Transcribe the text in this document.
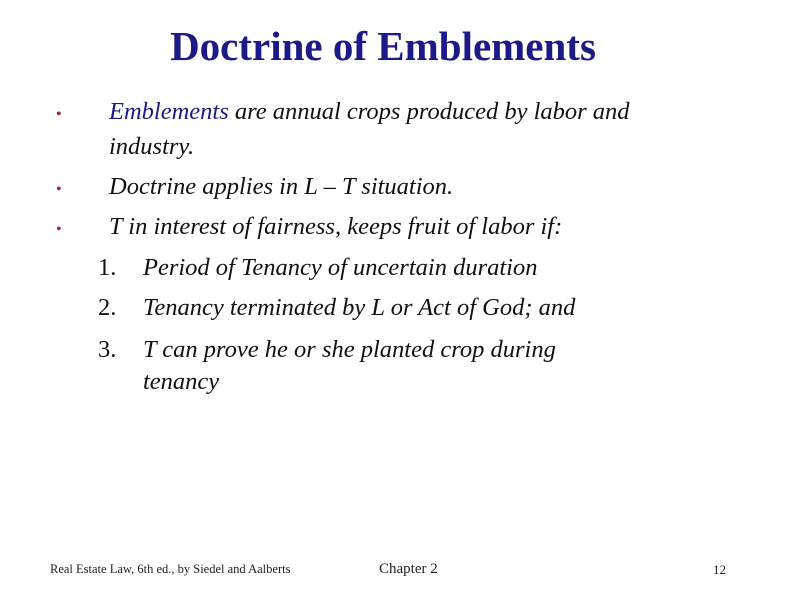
Doctrine of Emblements
• Emblements are annual crops produced by labor and
industry.
• Doctrine applies in L – T situation.
• T in interest of fairness, keeps fruit of labor if:
1. Period of Tenancy of uncertain duration
2. Tenancy terminated by L or Act of God; and
3. T can prove he or she planted crop during
tenancy
Real Estate Law, 6th ed., by Siedel and Aalberts	Chapter 2	12
